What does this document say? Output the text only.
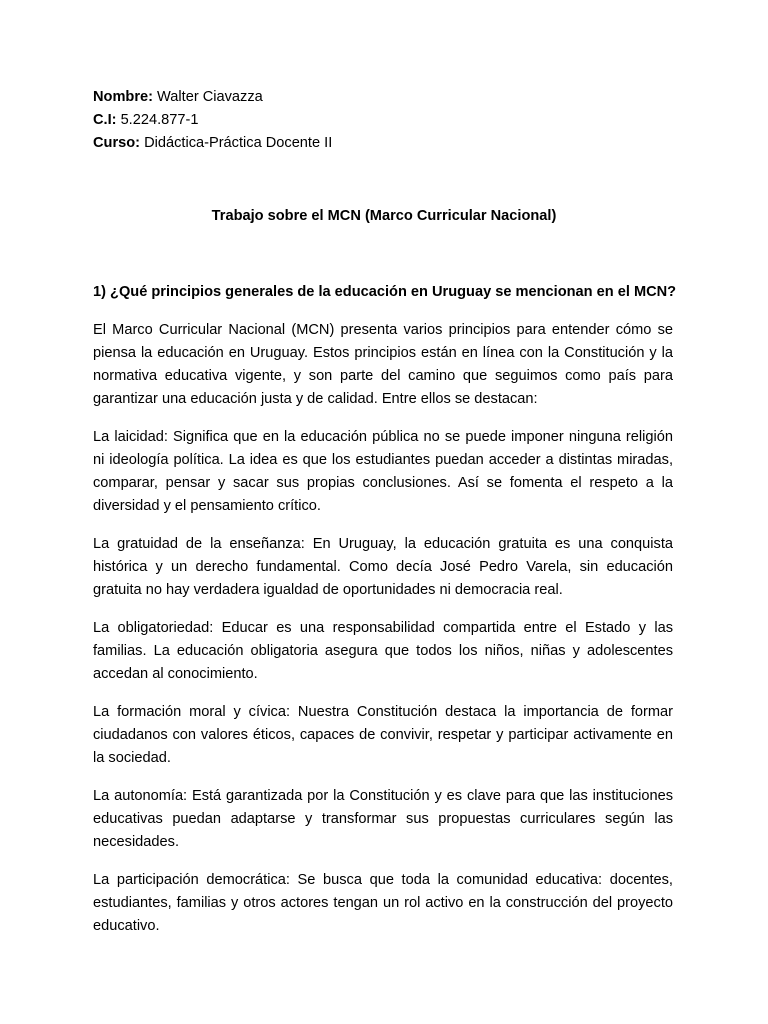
Nombre: Walter Ciavazza
C.I: 5.224.877-1
Curso: Didáctica-Práctica Docente II
Trabajo sobre el MCN (Marco Curricular Nacional)

1) ¿Qué principios generales de la educación en Uruguay se mencionan en el MCN?

El Marco Curricular Nacional (MCN) presenta varios principios para entender cómo se piensa la educación en Uruguay. Estos principios están en línea con la Constitución y la normativa educativa vigente, y son parte del camino que seguimos como país para garantizar una educación justa y de calidad. Entre ellos se destacan:

La laicidad: Significa que en la educación pública no se puede imponer ninguna religión ni ideología política. La idea es que los estudiantes puedan acceder a distintas miradas, comparar, pensar y sacar sus propias conclusiones. Así se fomenta el respeto a la diversidad y el pensamiento crítico.

La gratuidad de la enseñanza: En Uruguay, la educación gratuita es una conquista histórica y un derecho fundamental. Como decía José Pedro Varela, sin educación gratuita no hay verdadera igualdad de oportunidades ni democracia real.

La obligatoriedad: Educar es una responsabilidad compartida entre el Estado y las familias. La educación obligatoria asegura que todos los niños, niñas y adolescentes accedan al conocimiento.

La formación moral y cívica: Nuestra Constitución destaca la importancia de formar ciudadanos con valores éticos, capaces de convivir, respetar y participar activamente en la sociedad.

La autonomía: Está garantizada por la Constitución y es clave para que las instituciones educativas puedan adaptarse y transformar sus propuestas curriculares según las necesidades.

La participación democrática: Se busca que toda la comunidad educativa: docentes, estudiantes, familias y otros actores tengan un rol activo en la construcción del proyecto educativo.
